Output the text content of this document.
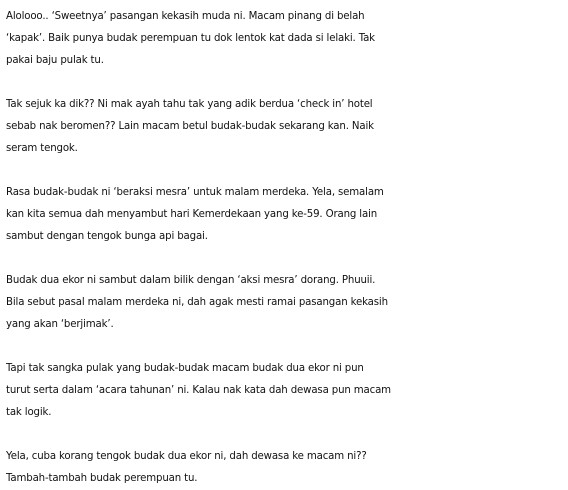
Alolooo.. ‘Sweetnya’ pasangan kekasih muda ni. Macam pinang di belah
‘kapak’. Baik punya budak perempuan tu dok lentok kat dada si lelaki. Tak
pakai baju pulak tu.

Tak sejuk ka dik?? Ni mak ayah tahu tak yang adik berdua ‘check in’ hotel
sebab nak beromen?? Lain macam betul budak-budak sekarang kan. Naik
seram tengok.

Rasa budak-budak ni ‘beraksi mesra’ untuk malam merdeka. Yela, semalam
kan kita semua dah menyambut hari Kemerdekaan yang ke-59. Orang lain
sambut dengan tengok bunga api bagai.

Budak dua ekor ni sambut dalam bilik dengan ‘aksi mesra’ dorang. Phuuii.
Bila sebut pasal malam merdeka ni, dah agak mesti ramai pasangan kekasih
yang akan ‘berjimak’.

Tapi tak sangka pulak yang budak-budak macam budak dua ekor ni pun
turut serta dalam ‘acara tahunan’ ni. Kalau nak kata dah dewasa pun macam
tak logik.

Yela, cuba korang tengok budak dua ekor ni, dah dewasa ke macam ni??
Tambah-tambah budak perempuan tu.
